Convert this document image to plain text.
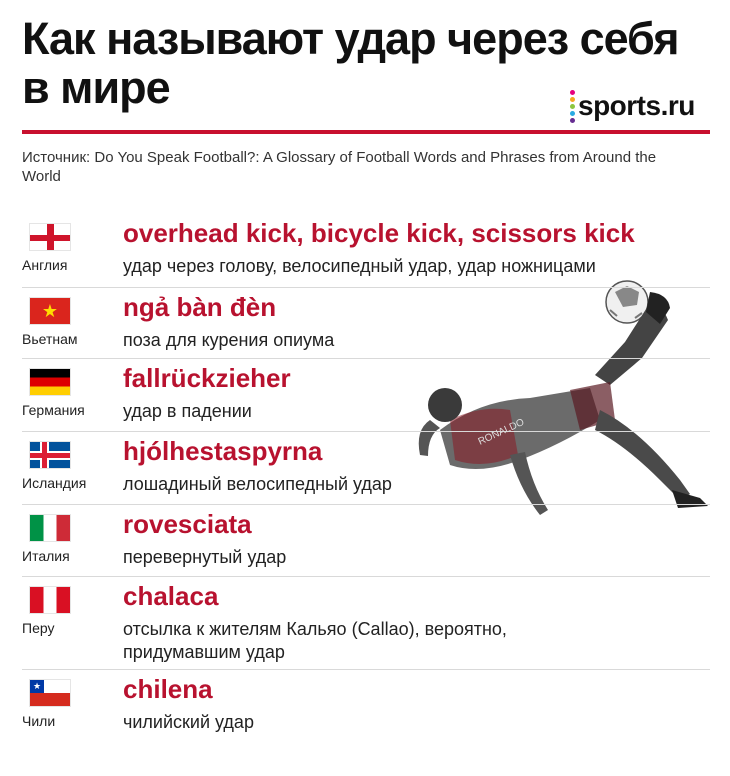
Как называют удар через себя в мире	sports.ru
Источник: Do You Speak Football?: A Glossary of Football Words and Phrases from Around the World
RONALDO
Англия
overhead kick, bicycle kick, scissors kick
удар через голову, велосипедный удар, удар ножницами
★
Вьетнам
ngả bàn đèn
поза для курения опиума
Германия
fallrückzieher
удар в падении
Исландия
hjólhestaspyrna
лошадиный велосипедный удар
Италия
rovesciata
перевернутый удар
Перу
chalaca
отсылка к жителям Кальяо (Callao), вероятно, придумавшим удар
★
Чили
chilena
чилийский удар
